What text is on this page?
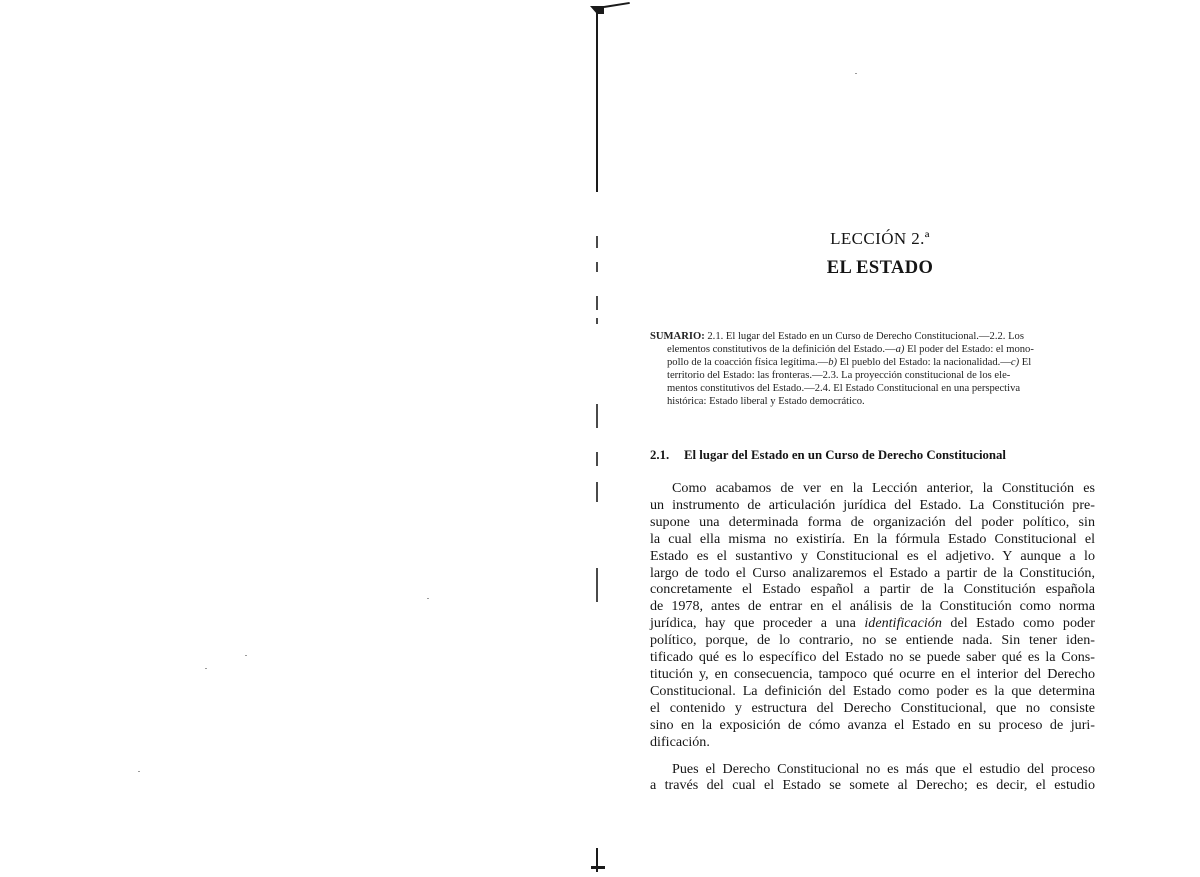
LECCIÓN 2.ª
EL ESTADO
SUMARIO: 2.1. El lugar del Estado en un Curso de Derecho Constitucional.—2.2. Los
elementos constitutivos de la definición del Estado.—a) El poder del Estado: el mono-
pollo de la coacción física legítima.—b) El pueblo del Estado: la nacionalidad.—c) El
territorio del Estado: las fronteras.—2.3. La proyección constitucional de los ele-
mentos constitutivos del Estado.—2.4. El Estado Constitucional en una perspectiva
histórica: Estado liberal y Estado democrático.
2.1. El lugar del Estado en un Curso de Derecho Constitucional
Como acabamos de ver en la Lección anterior, la Constitución es
un instrumento de articulación jurídica del Estado. La Constitución pre-
supone una determinada forma de organización del poder político, sin
la cual ella misma no existiría. En la fórmula Estado Constitucional el
Estado es el sustantivo y Constitucional es el adjetivo. Y aunque a lo
largo de todo el Curso analizaremos el Estado a partir de la Constitución,
concretamente el Estado español a partir de la Constitución española
de 1978, antes de entrar en el análisis de la Constitución como norma
jurídica, hay que proceder a una identificación del Estado como poder
político, porque, de lo contrario, no se entiende nada. Sin tener iden-
tificado qué es lo específico del Estado no se puede saber qué es la Cons-
titución y, en consecuencia, tampoco qué ocurre en el interior del Derecho
Constitucional. La definición del Estado como poder es la que determina
el contenido y estructura del Derecho Constitucional, que no consiste
sino en la exposición de cómo avanza el Estado en su proceso de juri-
dificación.
Pues el Derecho Constitucional no es más que el estudio del proceso
a través del cual el Estado se somete al Derecho; es decir, el estudio
